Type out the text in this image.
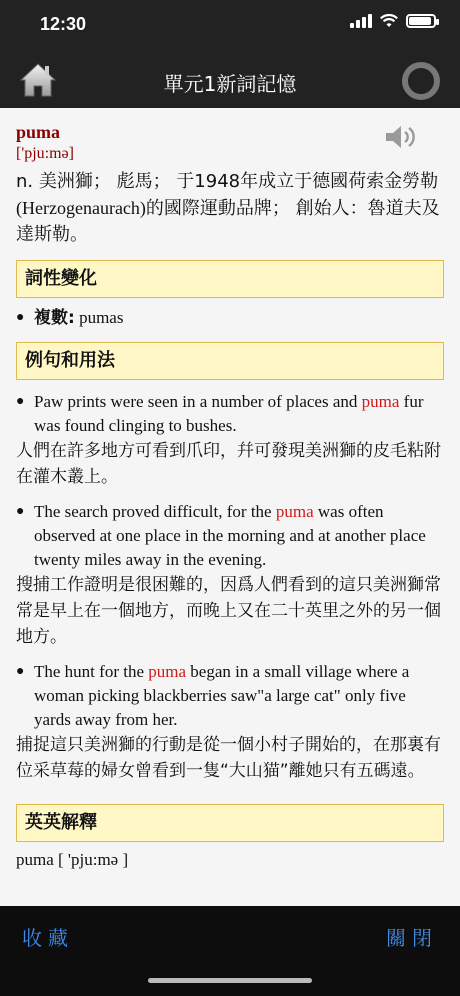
12:30
單元1新詞記憶
puma
['pju:mə]
n. 美洲獅； 彪馬； 于1948年成立于德國荷索金勞勒(Herzogenaurach)的國際運動品牌； 創始人：魯道夫及達斯勒。
詞性變化
● 複數: pumas
例句和用法
● Paw prints were seen in a number of places and puma fur was found clinging to bushes.
人們在許多地方可看到爪印，幷可發現美洲獅的皮毛粘附在灌木叢上。
● The search proved difficult, for the puma was often observed at one place in the morning and at another place twenty miles away in the evening.
搜捕工作證明是很困難的，因爲人們看到的這只美洲獅常常是早上在一個地方，而晚上又在二十英里之外的另一個地方。
● The hunt for the puma began in a small village where a woman picking blackberries saw"a large cat" only five yards away from her.
捕捉這只美洲獅的行動是從一個小村子開始的，在那裏有位采草莓的婦女曾看到一隻“大山猫”離她只有五碼遠。
英英解釋
puma [ 'pju:mə ]
收藏	關閉
